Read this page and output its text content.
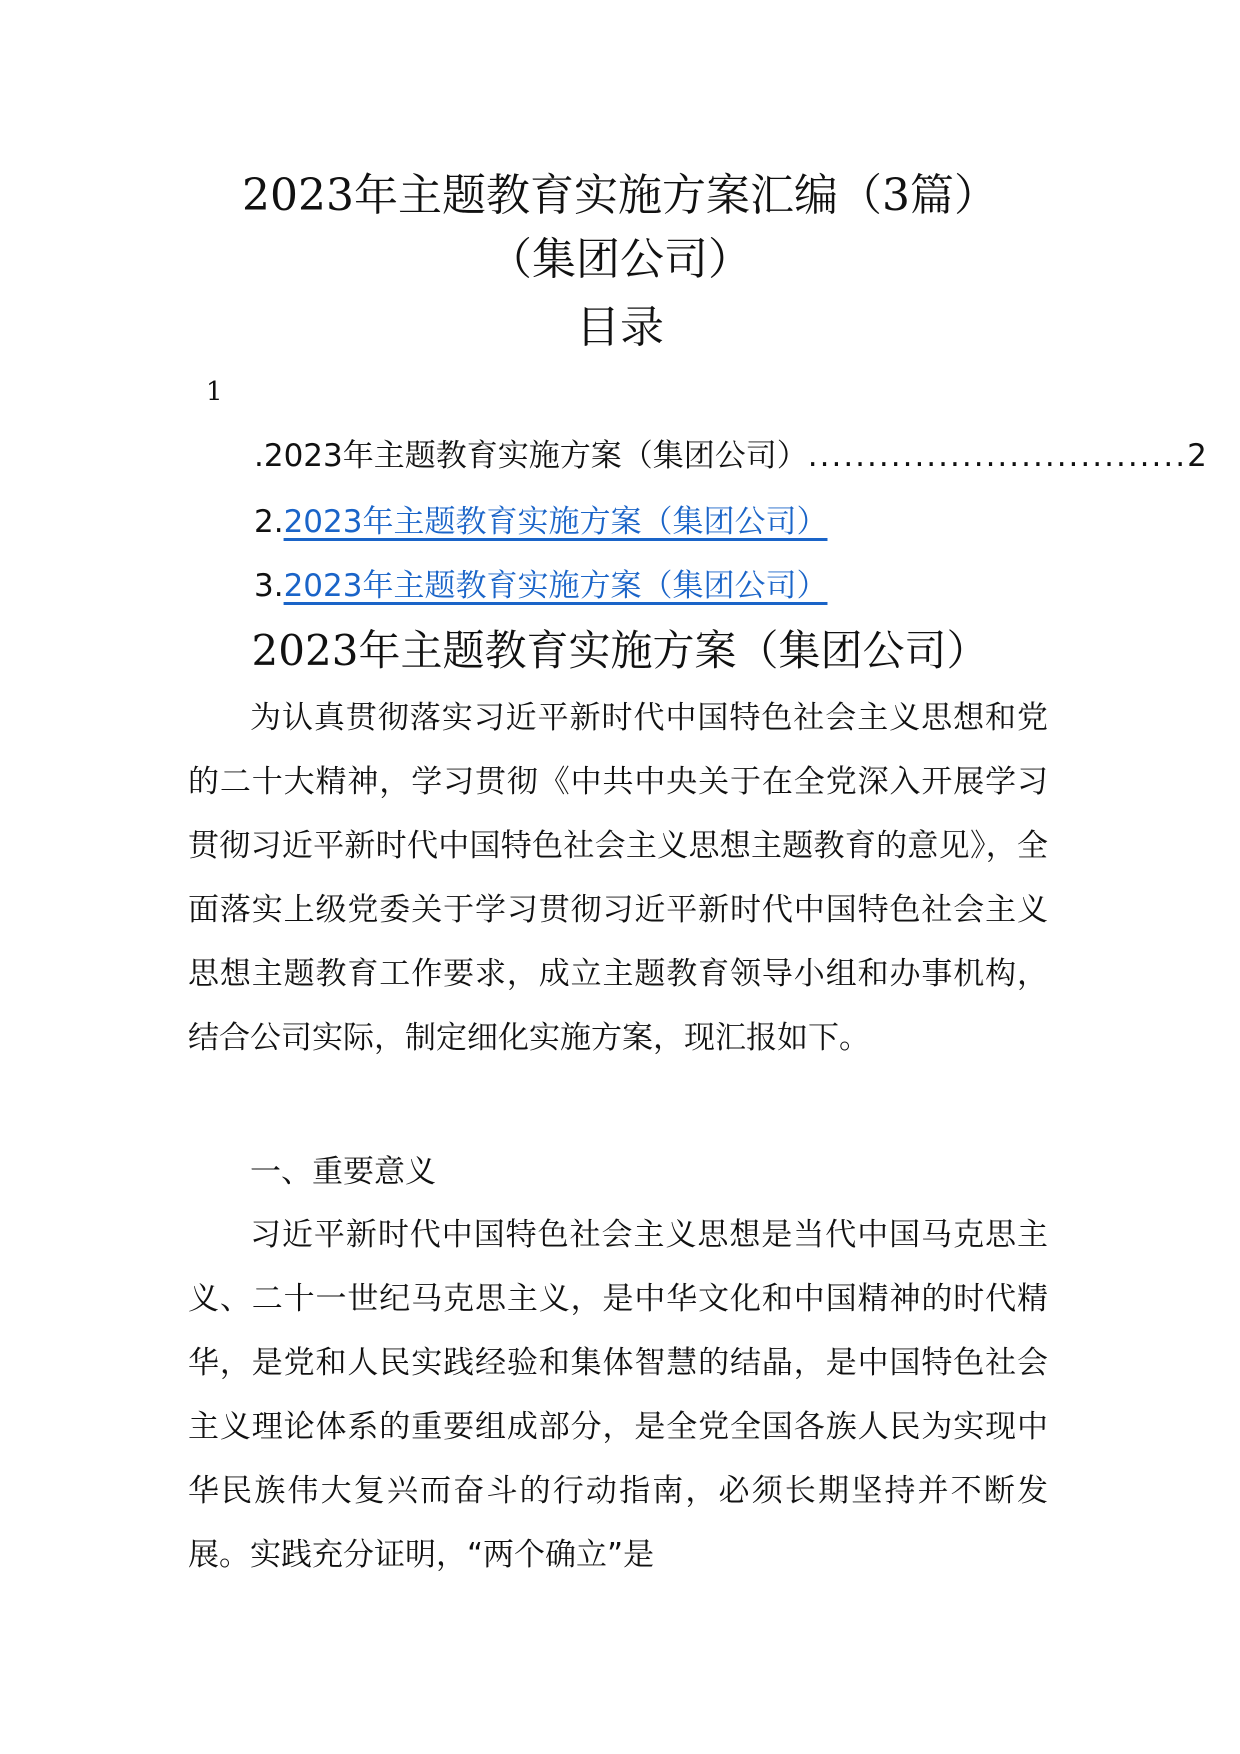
2023年主题教育实施方案汇编（3篇）
（集团公司）
目录
1
. 2023年主题教育实施方案（集团公司） ................................ 2
2.2023年主题教育实施方案（集团公司）
3.2023年主题教育实施方案（集团公司）
2023年主题教育实施方案（集团公司）

为认真贯彻落实习近平新时代中国特色社会主义思想和党的二十大精神，学习贯彻《中共中央关于在全党深入开展学习贯彻习近平新时代中国特色社会主义思想主题教育的意见》，全面落实上级党委关于学习贯彻习近平新时代中国特色社会主义思想主题教育工作要求，成立主题教育领导小组和办事机构，结合公司实际，制定细化实施方案，现汇报如下。

一、重要意义

习近平新时代中国特色社会主义思想是当代中国马克思主义、二十一世纪马克思主义，是中华文化和中国精神的时代精华，是党和人民实践经验和集体智慧的结晶，是中国特色社会主义理论体系的重要组成部分，是全党全国各族人民为实现中华民族伟大复兴而奋斗的行动指南，必须长期坚持并不断发展。实践充分证明，“两个确立”是
